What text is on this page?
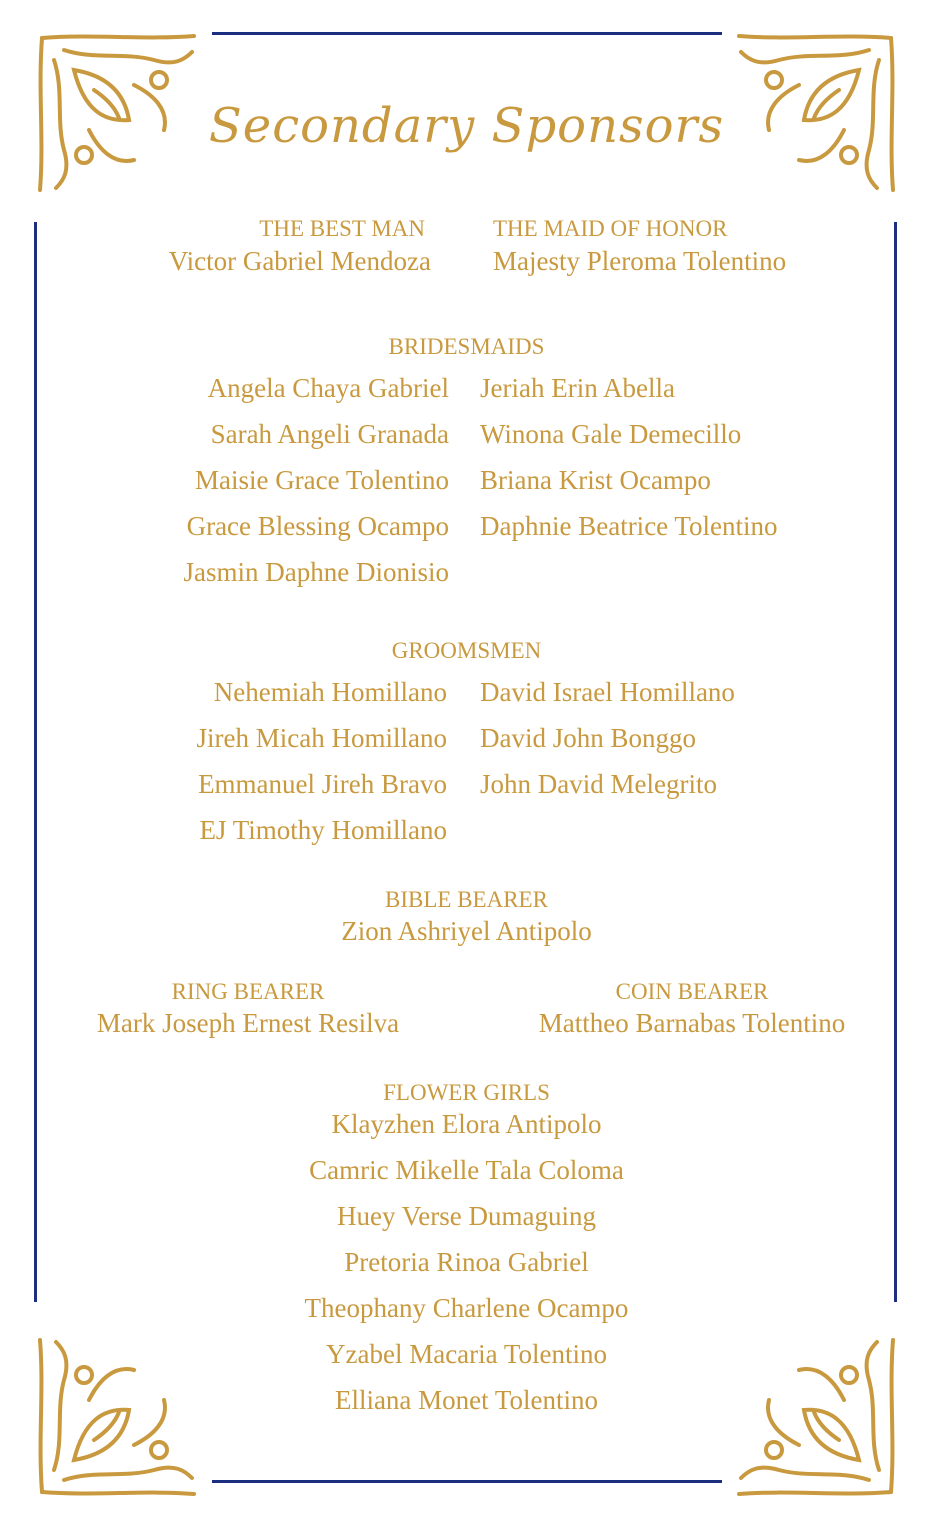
Secondary Sponsors
THE BEST MAN
Victor Gabriel Mendoza
THE MAID OF HONOR
Majesty Pleroma Tolentino
BRIDESMAIDS
Angela Chaya Gabriel
Sarah Angeli Granada
Maisie Grace Tolentino
Grace Blessing Ocampo
Jasmin Daphne Dionisio
Jeriah Erin Abella
Winona Gale Demecillo
Briana Krist Ocampo
Daphnie Beatrice Tolentino
GROOMSMEN
Nehemiah Homillano
Jireh Micah Homillano
Emmanuel Jireh Bravo
EJ Timothy Homillano
David Israel Homillano
David John Bonggo
John David Melegrito
BIBLE BEARER
Zion Ashriyel Antipolo
RING BEARER
Mark Joseph Ernest Resilva
COIN BEARER
Mattheo Barnabas Tolentino
FLOWER GIRLS
Klayzhen Elora Antipolo
Camric Mikelle Tala Coloma
Huey Verse Dumaguing
Pretoria Rinoa Gabriel
Theophany Charlene Ocampo
Yzabel Macaria Tolentino
Elliana Monet Tolentino
